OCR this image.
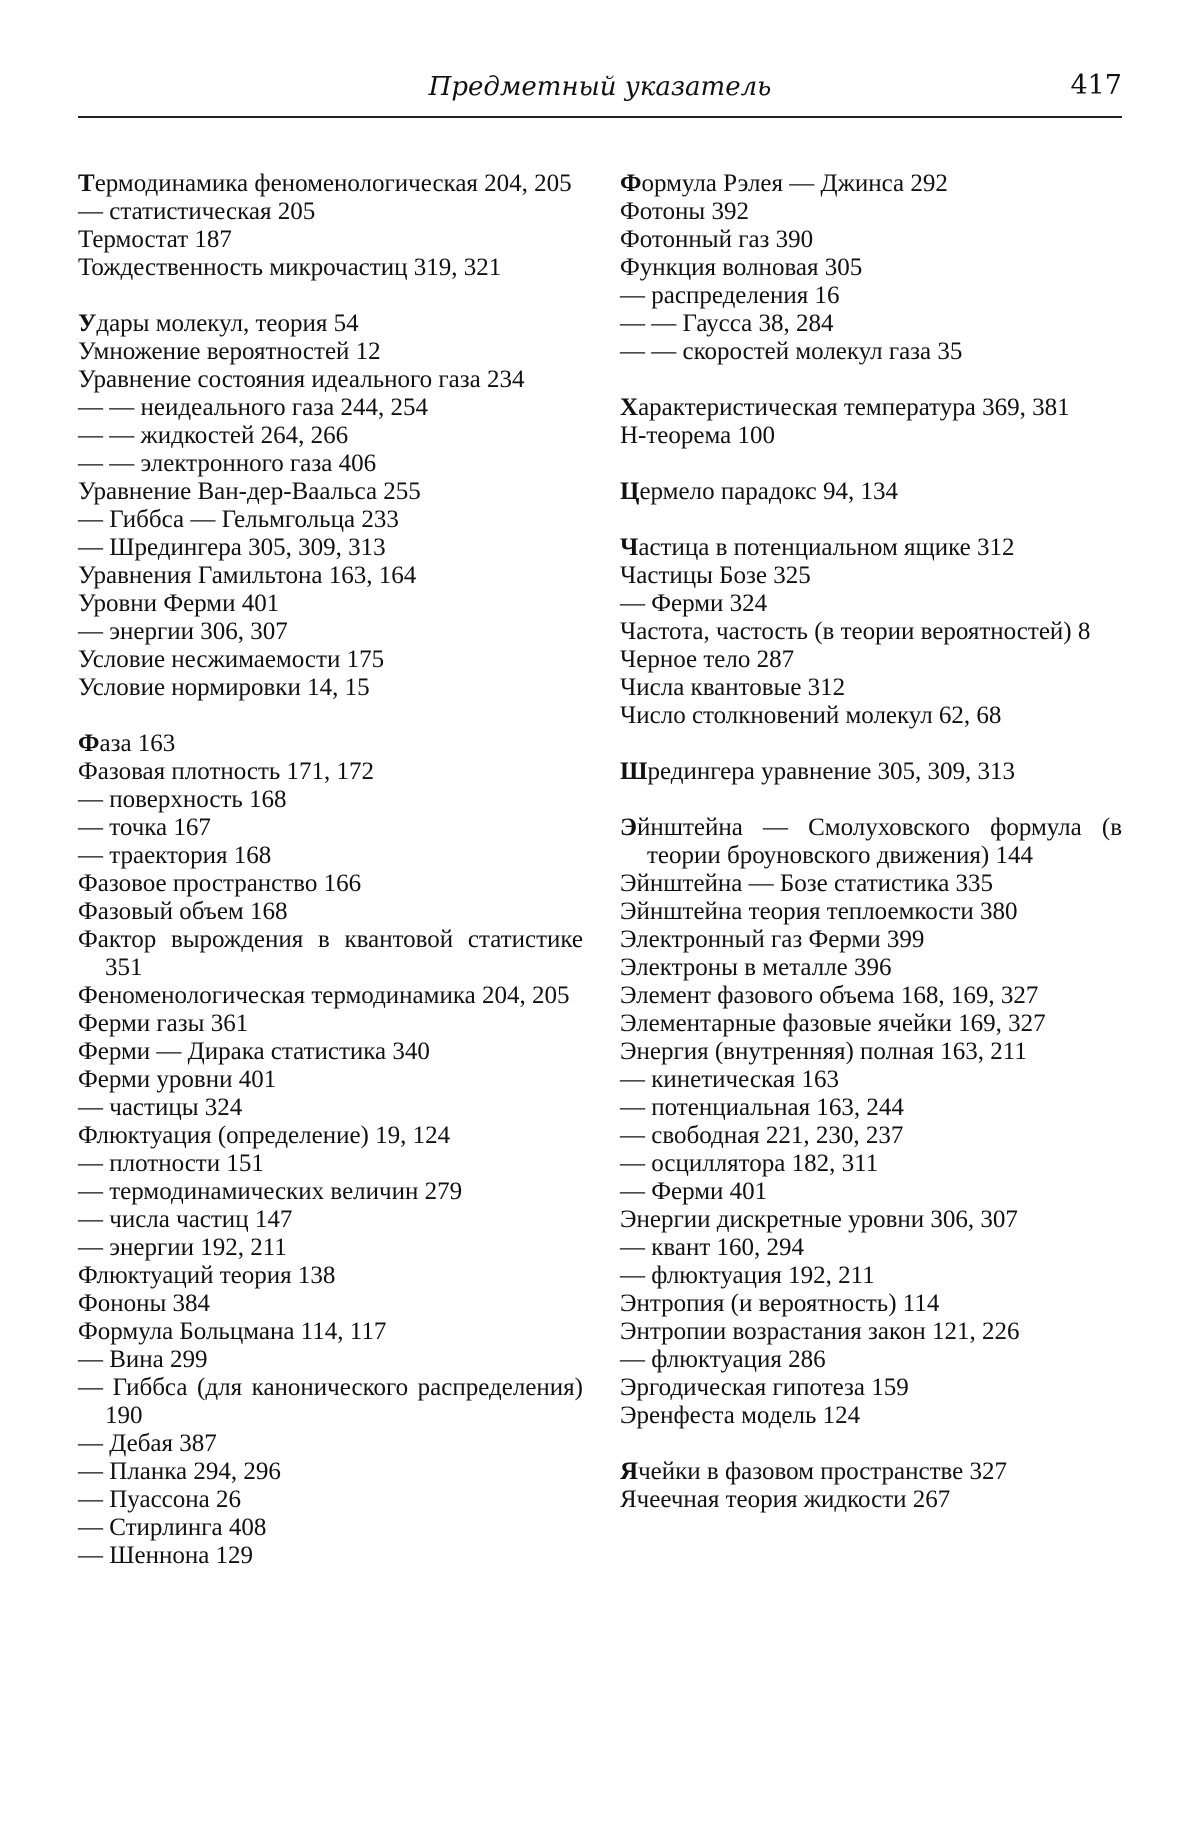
Предметный указатель	417
Термодинамика феноменологическая 204, 205
— статистическая 205
Термостат 187
Тождественность микрочастиц 319, 321
Удары молекул, теория 54
Умножение вероятностей 12
Уравнение состояния идеального газа 234
— — неидеального газа 244, 254
— — жидкостей 264, 266
— — электронного газа 406
Уравнение Ван-дер-Ваальса 255
— Гиббса — Гельмгольца 233
— Шредингера 305, 309, 313
Уравнения Гамильтона 163, 164
Уровни Ферми 401
— энергии 306, 307
Условие несжимаемости 175
Условие нормировки 14, 15
Фаза 163
Фазовая плотность 171, 172
— поверхность 168
— точка 167
— траектория 168
Фазовое пространство 166
Фазовый объем 168
Фактор вырождения в квантовой статистике 351
Феноменологическая термодинамика 204, 205
Ферми газы 361
Ферми — Дирака статистика 340
Ферми уровни 401
— частицы 324
Флюктуация (определение) 19, 124
— плотности 151
— термодинамических величин 279
— числа частиц 147
— энергии 192, 211
Флюктуаций теория 138
Фононы 384
Формула Больцмана 114, 117
— Вина 299
— Гиббса (для канонического распределения) 190
— Дебая 387
— Планка 294, 296
— Пуассона 26
— Стирлинга 408
— Шеннона 129
Формула Рэлея — Джинса 292
Фотоны 392
Фотонный газ 390
Функция волновая 305
— распределения 16
— — Гаусса 38, 284
— — скоростей молекул газа 35
Характеристическая температура 369, 381
H-теорема 100
Цермело парадокс 94, 134
Частица в потенциальном ящике 312
Частицы Бозе 325
— Ферми 324
Частота, частость (в теории вероятностей) 8
Черное тело 287
Числа квантовые 312
Число столкновений молекул 62, 68
Шредингера уравнение 305, 309, 313
Эйнштейна — Смолуховского формула (в теории броуновского движения) 144
Эйнштейна — Бозе статистика 335
Эйнштейна теория теплоемкости 380
Электронный газ Ферми 399
Электроны в металле 396
Элемент фазового объема 168, 169, 327
Элементарные фазовые ячейки 169, 327
Энергия (внутренняя) полная 163, 211
— кинетическая 163
— потенциальная 163, 244
— свободная 221, 230, 237
— осциллятора 182, 311
— Ферми 401
Энергии дискретные уровни 306, 307
— квант 160, 294
— флюктуация 192, 211
Энтропия (и вероятность) 114
Энтропии возрастания закон 121, 226
— флюктуация 286
Эргодическая гипотеза 159
Эренфеста модель 124
Ячейки в фазовом пространстве 327
Ячеечная теория жидкости 267
